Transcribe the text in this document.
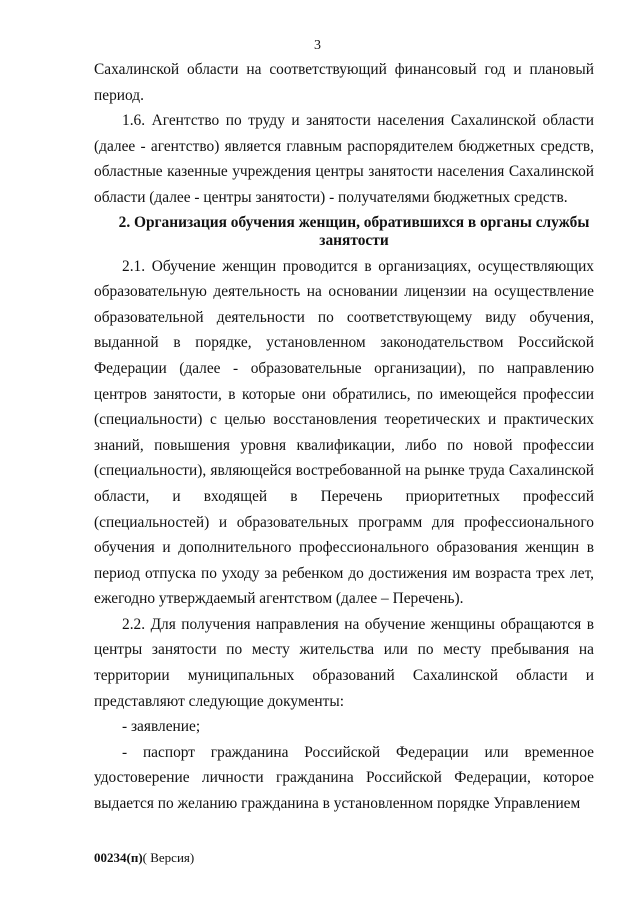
3

Сахалинской области на соответствующий финансовый год и плановый период.

1.6. Агентство по труду и занятости населения Сахалинской области (далее - агентство) является главным распорядителем бюджетных средств, областные казенные учреждения центры занятости населения Сахалинской области (далее - центры занятости) - получателями бюджетных средств.

2. Организация обучения женщин, обратившихся в органы службы занятости

2.1. Обучение женщин проводится в организациях, осуществляющих образовательную деятельность на основании лицензии на осуществление образовательной деятельности по соответствующему виду обучения, выданной в порядке, установленном законодательством Российской Федерации (далее - образовательные организации), по направлению центров занятости, в которые они обратились, по имеющейся профессии (специальности) с целью восстановления теоретических и практических знаний, повышения уровня квалификации, либо по новой профессии (специальности), являющейся востребованной на рынке труда Сахалинской области, и входящей в Перечень приоритетных профессий (специальностей) и образовательных программ для профессионального обучения и дополнительного профессионального образования женщин в период отпуска по уходу за ребенком до достижения им возраста трех лет, ежегодно утверждаемый агентством (далее – Перечень).

2.2. Для получения направления на обучение женщины обращаются в центры занятости по месту жительства или по месту пребывания на территории муниципальных образований Сахалинской области и представляют следующие документы:

- заявление;

- паспорт гражданина Российской Федерации или временное удостоверение личности гражданина Российской Федерации, которое выдается по желанию гражданина в установленном порядке Управлением

00234(п)( Версия)
